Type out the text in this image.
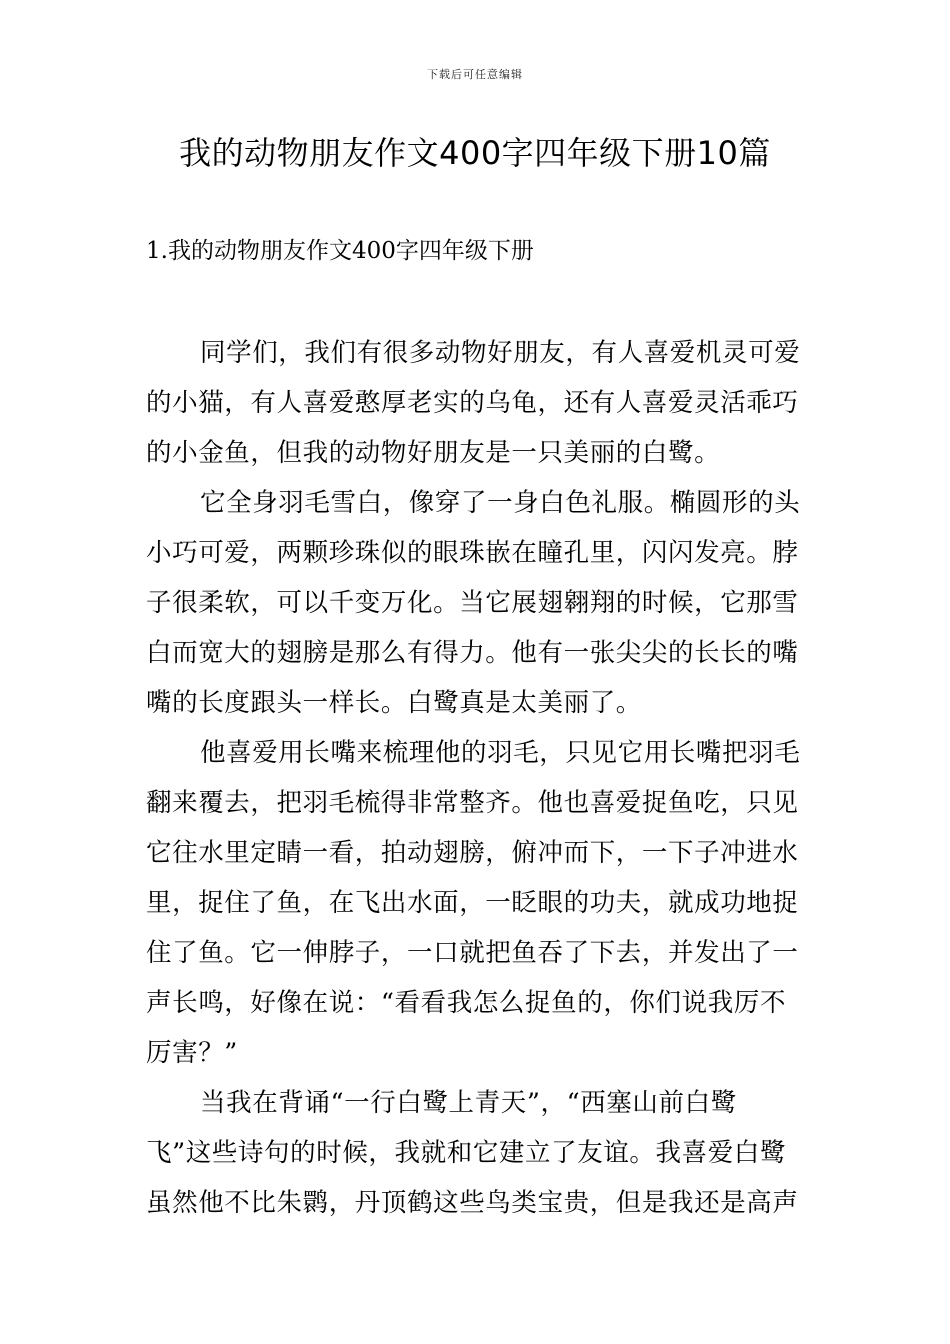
下载后可任意编辑
我的动物朋友作文400字四年级下册10篇
1.我的动物朋友作文400字四年级下册
同学们，我们有很多动物好朋友，有人喜爱机灵可爱
的小猫，有人喜爱憨厚老实的乌龟，还有人喜爱灵活乖巧
的小金鱼，但我的动物好朋友是一只美丽的白鹭。
它全身羽毛雪白，像穿了一身白色礼服。椭圆形的头
小巧可爱，两颗珍珠似的眼珠嵌在瞳孔里，闪闪发亮。脖
子很柔软，可以千变万化。当它展翅翱翔的时候，它那雪
白而宽大的翅膀是那么有得力。他有一张尖尖的长长的嘴
嘴的长度跟头一样长。白鹭真是太美丽了。
他喜爱用长嘴来梳理他的羽毛，只见它用长嘴把羽毛
翻来覆去，把羽毛梳得非常整齐。他也喜爱捉鱼吃，只见
它往水里定睛一看，拍动翅膀，俯冲而下，一下子冲进水
里，捉住了鱼，在飞出水面，一眨眼的功夫，就成功地捉
住了鱼。它一伸脖子，一口就把鱼吞了下去，并发出了一
声长鸣，好像在说：“看看我怎么捉鱼的，你们说我厉不
厉害？”
当我在背诵“一行白鹭上青天”，“西塞山前白鹭
飞”这些诗句的时候，我就和它建立了友谊。我喜爱白鹭
虽然他不比朱鹮，丹顶鹤这些鸟类宝贵，但是我还是高声
